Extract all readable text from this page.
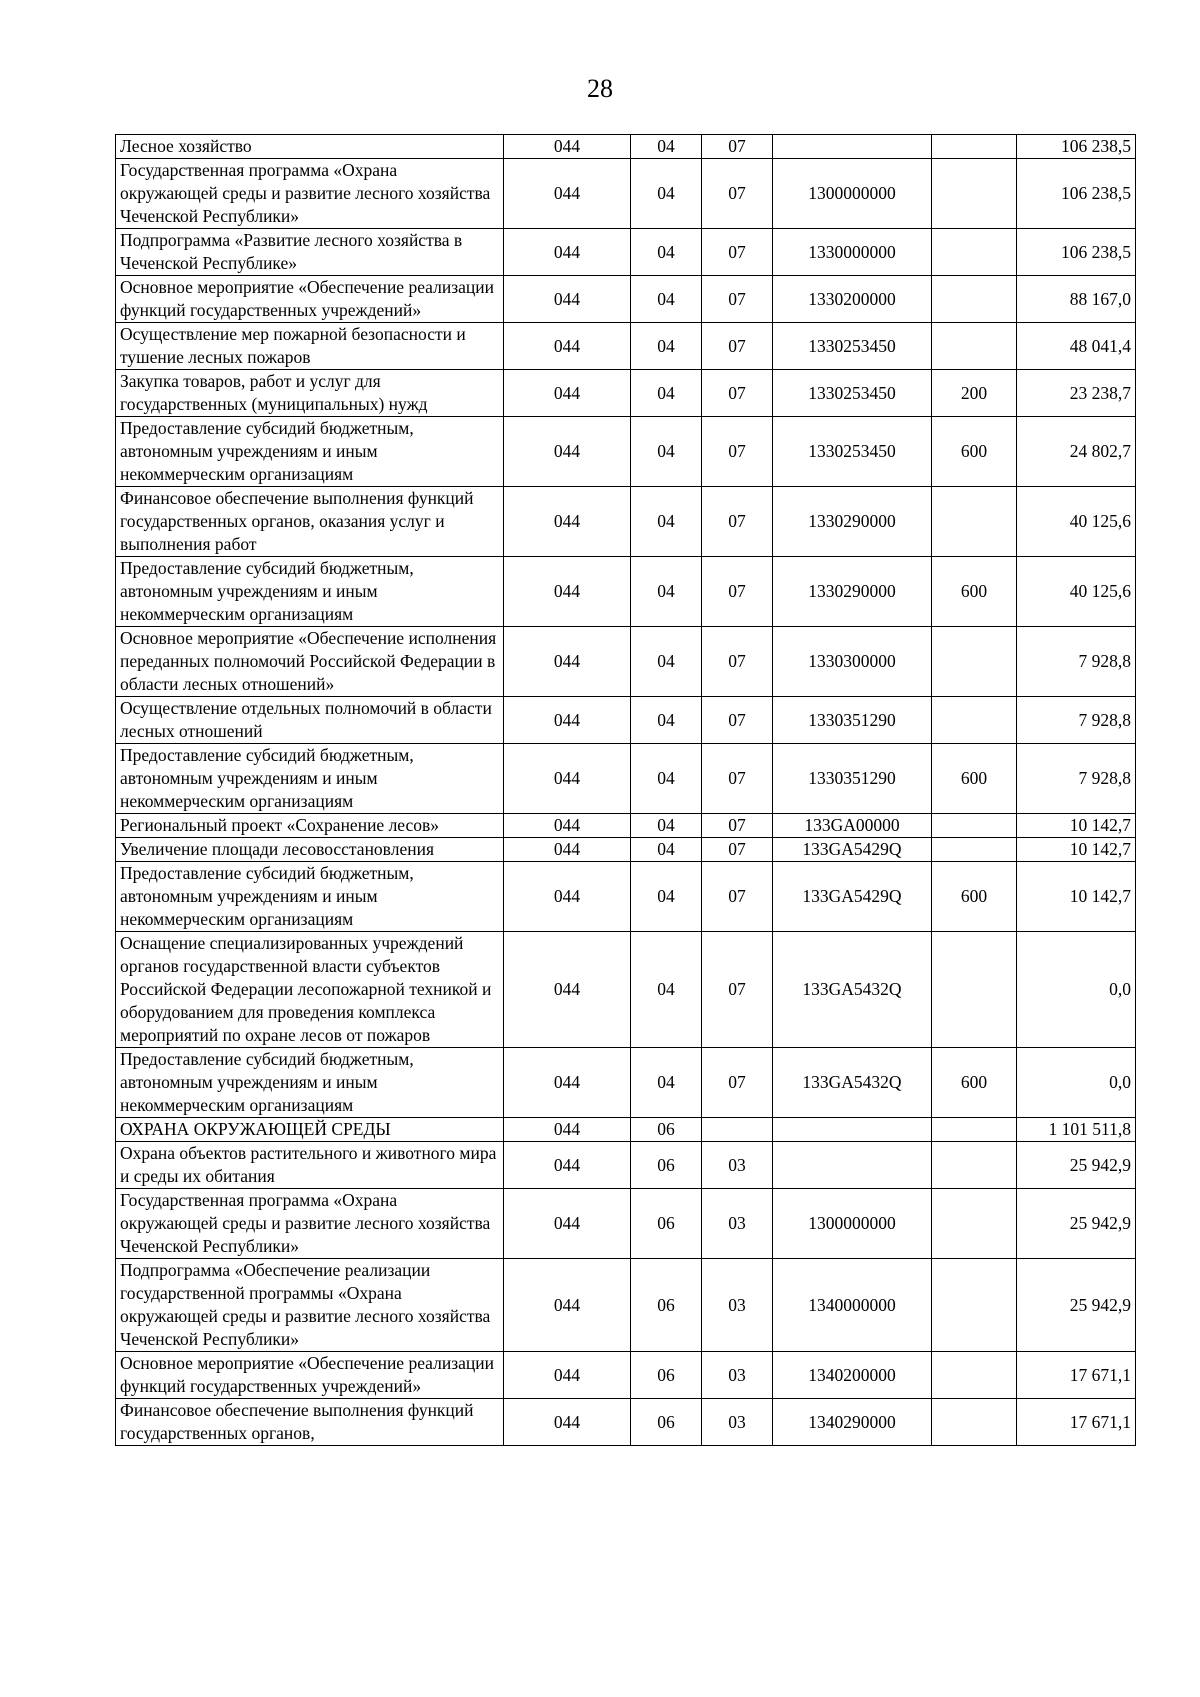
28
Лесное хозяйство	044	04	07			106 238,5
Государственная программа «Охрана окружающей среды и развитие лесного хозяйства Чеченской Республики»	044	04	07	1300000000		106 238,5
Подпрограмма «Развитие лесного хозяйства в Чеченской Республике»	044	04	07	1330000000		106 238,5
Основное мероприятие «Обеспечение реализации функций государственных учреждений»	044	04	07	1330200000		88 167,0
Осуществление мер пожарной безопасности и тушение лесных пожаров	044	04	07	1330253450		48 041,4
Закупка товаров, работ и услуг для государственных (муниципальных) нужд	044	04	07	1330253450	200	23 238,7
Предоставление субсидий бюджетным, автономным учреждениям и иным некоммерческим организациям	044	04	07	1330253450	600	24 802,7
Финансовое обеспечение выполнения функций государственных органов, оказания услуг и выполнения работ	044	04	07	1330290000		40 125,6
Предоставление субсидий бюджетным, автономным учреждениям и иным некоммерческим организациям	044	04	07	1330290000	600	40 125,6
Основное мероприятие «Обеспечение исполнения переданных полномочий Российской Федерации в области лесных отношений»	044	04	07	1330300000		7 928,8
Осуществление отдельных полномочий в области лесных отношений	044	04	07	1330351290		7 928,8
Предоставление субсидий бюджетным, автономным учреждениям и иным некоммерческим организациям	044	04	07	1330351290	600	7 928,8
Региональный проект «Сохранение лесов»	044	04	07	133GA00000		10 142,7
Увеличение площади лесовосстановления	044	04	07	133GA5429Q		10 142,7
Предоставление субсидий бюджетным, автономным учреждениям и иным некоммерческим организациям	044	04	07	133GA5429Q	600	10 142,7
Оснащение специализированных учреждений органов государственной власти субъектов Российской Федерации лесопожарной техникой и оборудованием для проведения комплекса мероприятий по охране лесов от пожаров	044	04	07	133GA5432Q		0,0
Предоставление субсидий бюджетным, автономным учреждениям и иным некоммерческим организациям	044	04	07	133GA5432Q	600	0,0
ОХРАНА ОКРУЖАЮЩЕЙ СРЕДЫ	044	06				1 101 511,8
Охрана объектов растительного и животного мира и среды их обитания	044	06	03			25 942,9
Государственная программа «Охрана окружающей среды и развитие лесного хозяйства Чеченской Республики»	044	06	03	1300000000		25 942,9
Подпрограмма «Обеспечение реализации государственной программы «Охрана окружающей среды и развитие лесного хозяйства Чеченской Республики»	044	06	03	1340000000		25 942,9
Основное мероприятие «Обеспечение реализации функций государственных учреждений»	044	06	03	1340200000		17 671,1
Финансовое обеспечение выполнения функций государственных органов,	044	06	03	1340290000		17 671,1
